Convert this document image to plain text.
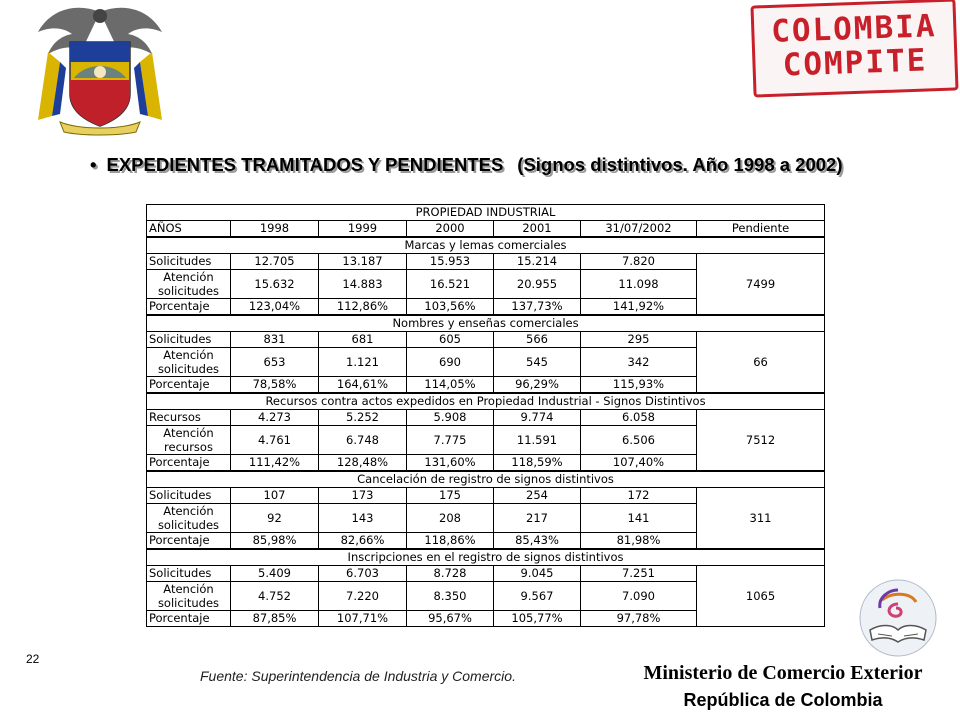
COLOMBIA
COMPITE
• EXPEDIENTES TRAMITADOS Y PENDIENTES (Signos distintivos. Año 1998 a 2002)
PROPIEDAD INDUSTRIAL						
AÑOS	1998	1999	2000	2001	31/07/2002	Pendiente
Marcas y lemas comerciales						
Solicitudes	12.705	13.187	15.953	15.214	7.820	7499
Atención solicitudes	15.632	14.883	16.521	20.955	11.098	
Porcentaje	123,04%	112,86%	103,56%	137,73%	141,92%	
Nombres y enseñas comerciales						
Solicitudes	831	681	605	566	295	66
Atención solicitudes	653	1.121	690	545	342	
Porcentaje	78,58%	164,61%	114,05%	96,29%	115,93%	
Recursos contra actos expedidos en Propiedad Industrial - Signos Distintivos						
Recursos	4.273	5.252	5.908	9.774	6.058	7512
Atención recursos	4.761	6.748	7.775	11.591	6.506	
Porcentaje	111,42%	128,48%	131,60%	118,59%	107,40%	
Cancelación de registro de signos distintivos						
Solicitudes	107	173	175	254	172	311
Atención solicitudes	92	143	208	217	141	
Porcentaje	85,98%	82,66%	118,86%	85,43%	81,98%	
Inscripciones en el registro de signos distintivos						
Solicitudes	5.409	6.703	8.728	9.045	7.251	1065
Atención solicitudes	4.752	7.220	8.350	9.567	7.090	
Porcentaje	87,85%	107,71%	95,67%	105,77%	97,78%	
22
Fuente: Superintendencia de Industria y Comercio.	Ministerio de Comercio Exterior
República de Colombia
